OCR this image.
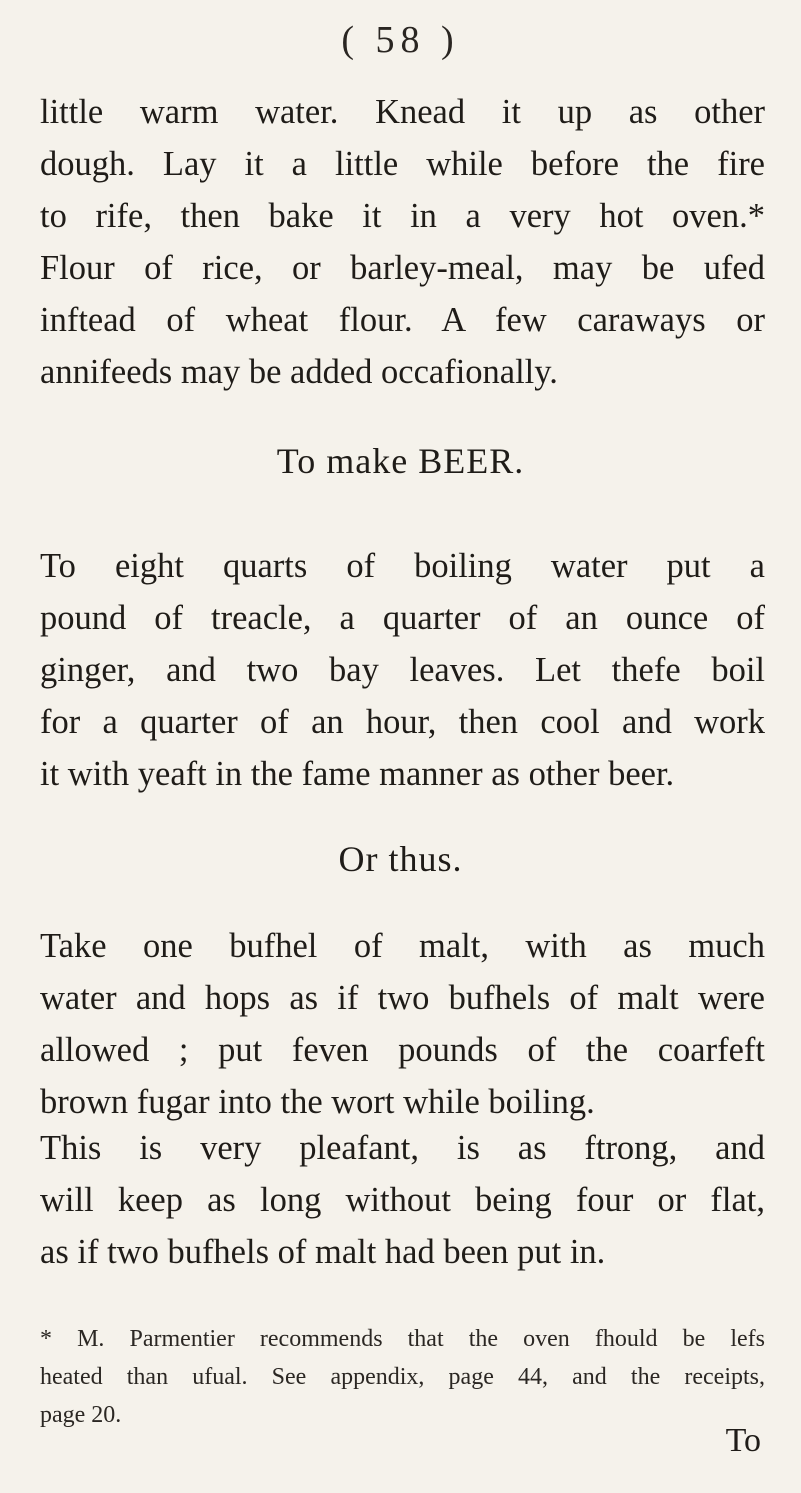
( 58 )
little warm water. Knead it up as other
dough. Lay it a little while before the fire
to rife, then bake it in a very hot oven.*
Flour of rice, or barley-meal, may be ufed
inftead of wheat flour. A few caraways or
annifeeds may be added occafionally.
To make BEER.
To eight quarts of boiling water put a
pound of treacle, a quarter of an ounce of
ginger, and two bay leaves. Let thefe boil
for a quarter of an hour, then cool and work
it with yeaft in the fame manner as other beer.
Or thus.
Take one bufhel of malt, with as much
water and hops as if two bufhels of malt were
allowed ; put feven pounds of the coarfeft
brown fugar into the wort while boiling.
This is very pleafant, is as ftrong, and
will keep as long without being four or flat,
as if two bufhels of malt had been put in.
* M. Parmentier recommends that the oven fhould be lefs
heated than ufual. See appendix, page 44, and the receipts,
page 20.
To
